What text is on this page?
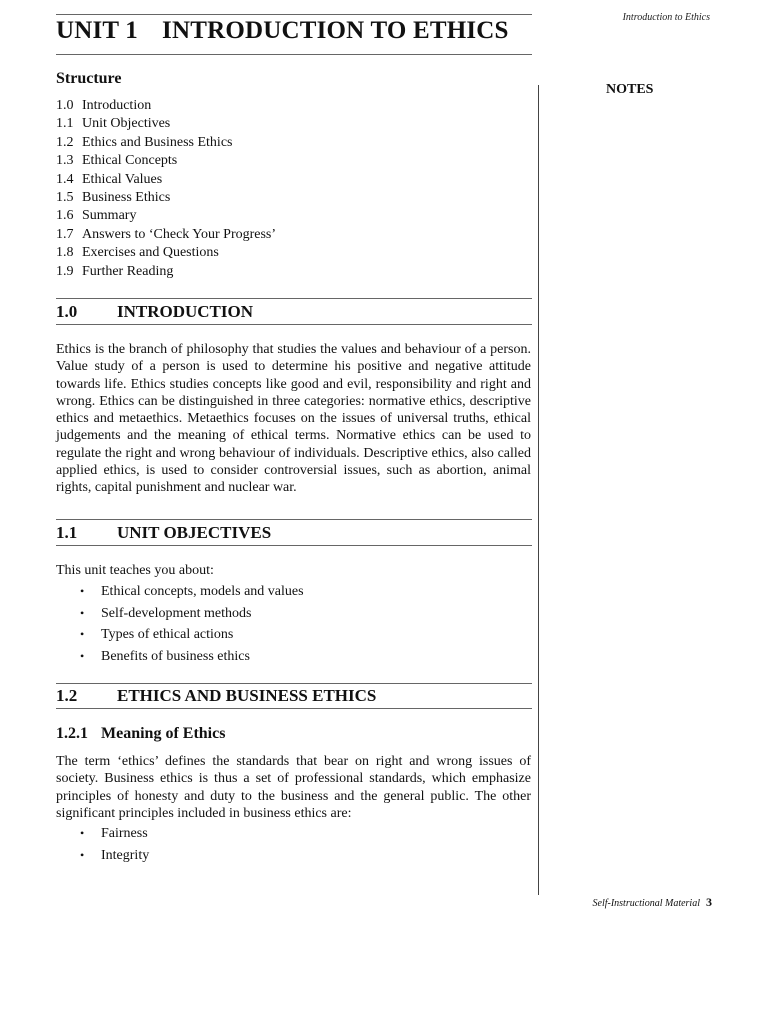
Introduction to Ethics
UNIT 1 INTRODUCTION TO ETHICS
Structure
1.0 Introduction
1.1 Unit Objectives
1.2 Ethics and Business Ethics
1.3 Ethical Concepts
1.4 Ethical Values
1.5 Business Ethics
1.6 Summary
1.7 Answers to ‘Check Your Progress’
1.8 Exercises and Questions
1.9 Further Reading
NOTES
1.0 INTRODUCTION

Ethics is the branch of philosophy that studies the values and behaviour of a person. Value study of a person is used to determine his positive and negative attitude towards life. Ethics studies concepts like good and evil, responsibility and right and wrong. Ethics can be distinguished in three categories: normative ethics, descriptive ethics and metaethics. Metaethics focuses on the issues of universal truths, ethical judgements and the meaning of ethical terms. Normative ethics can be used to regulate the right and wrong behaviour of individuals. Descriptive ethics, also called applied ethics, is used to consider controversial issues, such as abortion, animal rights, capital punishment and nuclear war.

1.1 UNIT OBJECTIVES

This unit teaches you about:

• Ethical concepts, models and values
• Self-development methods
• Types of ethical actions
• Benefits of business ethics
1.2 ETHICS AND BUSINESS ETHICS
1.2.1 Meaning of Ethics

The term ‘ethics’ defines the standards that bear on right and wrong issues of society. Business ethics is thus a set of professional standards, which emphasize principles of honesty and duty to the business and the general public. The other significant principles included in business ethics are:

• Fairness
• Integrity
Self-Instructional Material 3
